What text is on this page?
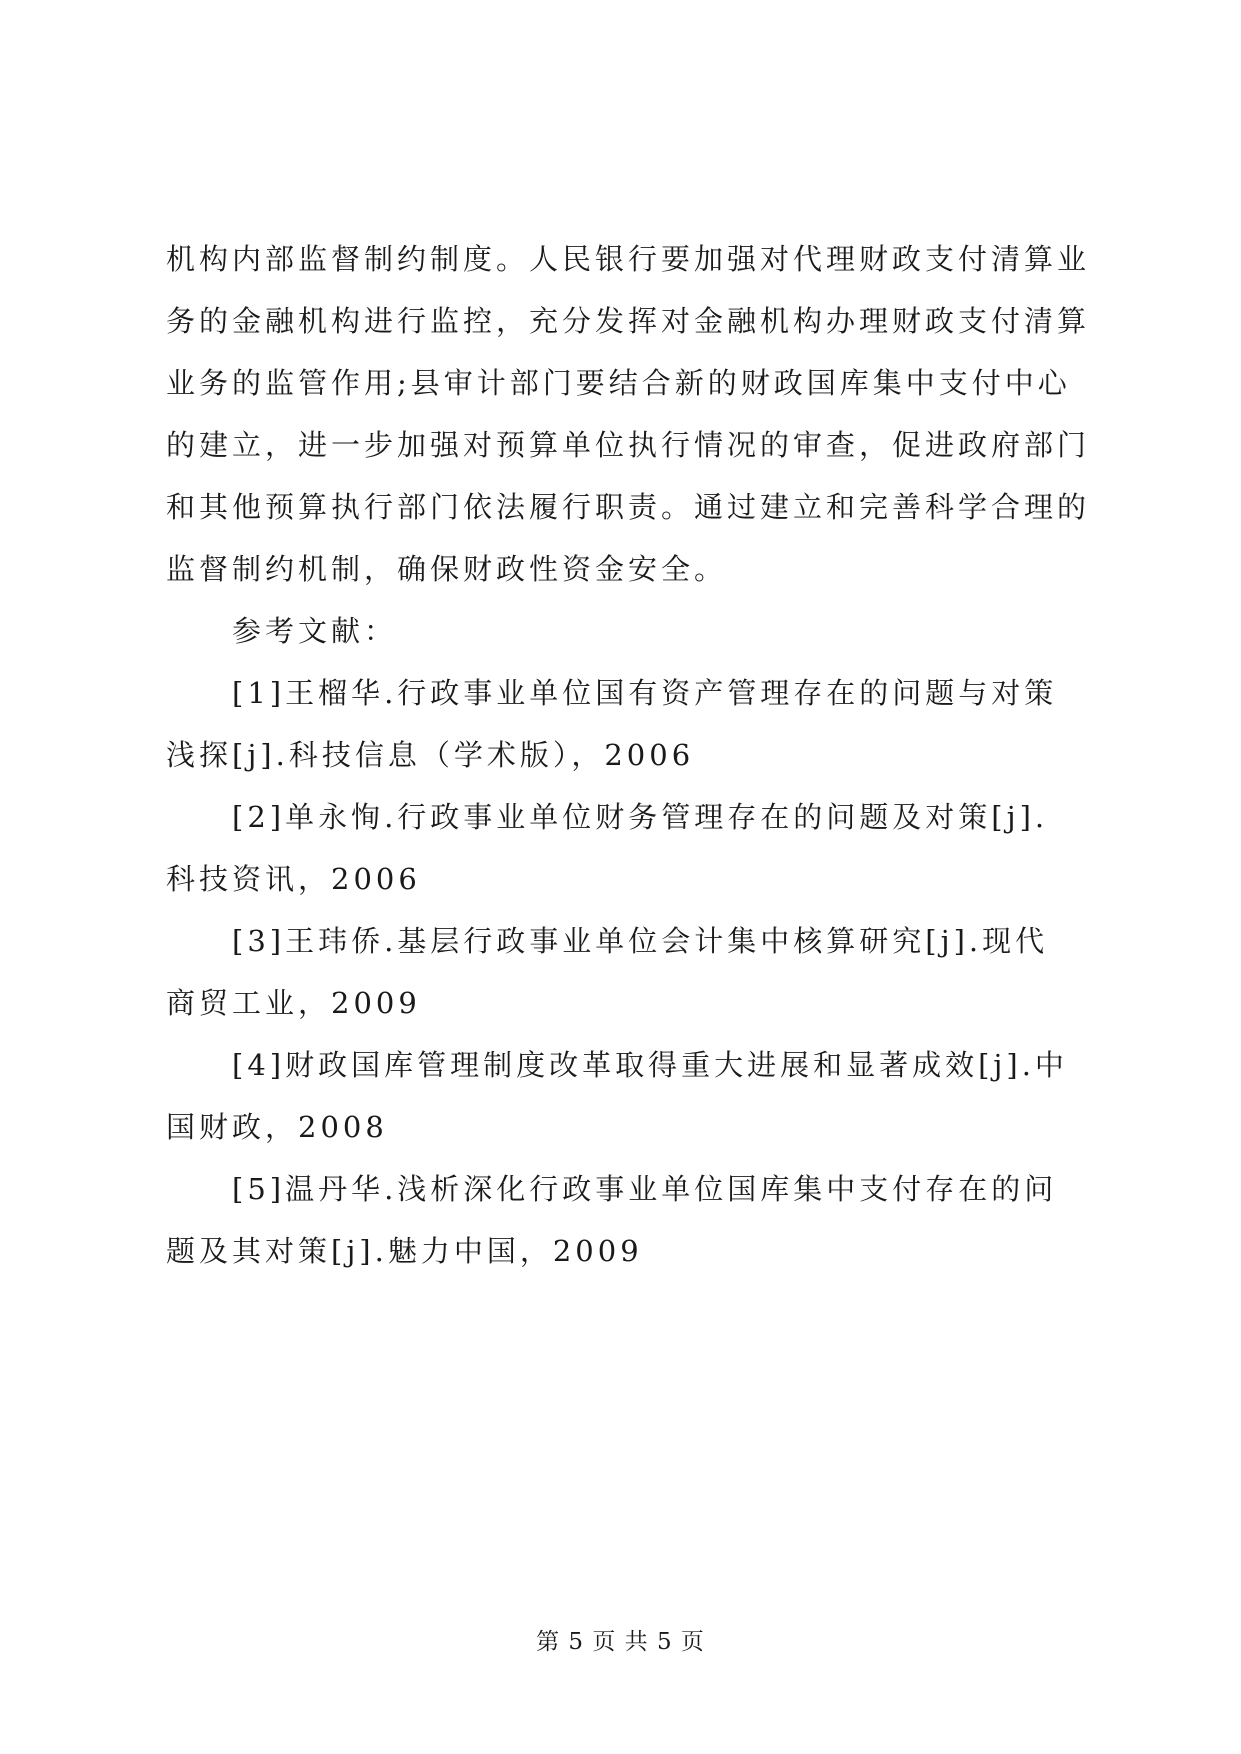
机构内部监督制约制度。人民银行要加强对代理财政支付清算业
务的金融机构进行监控，充分发挥对金融机构办理财政支付清算
业务的监管作用;县审计部门要结合新的财政国库集中支付中心
的建立，进一步加强对预算单位执行情况的审查，促进政府部门
和其他预算执行部门依法履行职责。通过建立和完善科学合理的
监督制约机制，确保财政性资金安全。
参考文献：
[1]王榴华.行政事业单位国有资产管理存在的问题与对策
浅探[j].科技信息（学术版），2006
[2]单永恂.行政事业单位财务管理存在的问题及对策[j].
科技资讯，2006
[3]王玮侨.基层行政事业单位会计集中核算研究[j].现代
商贸工业，2009
[4]财政国库管理制度改革取得重大进展和显著成效[j].中
国财政，2008
[5]温丹华.浅析深化行政事业单位国库集中支付存在的问
题及其对策[j].魅力中国，2009
第 5 页 共 5 页
